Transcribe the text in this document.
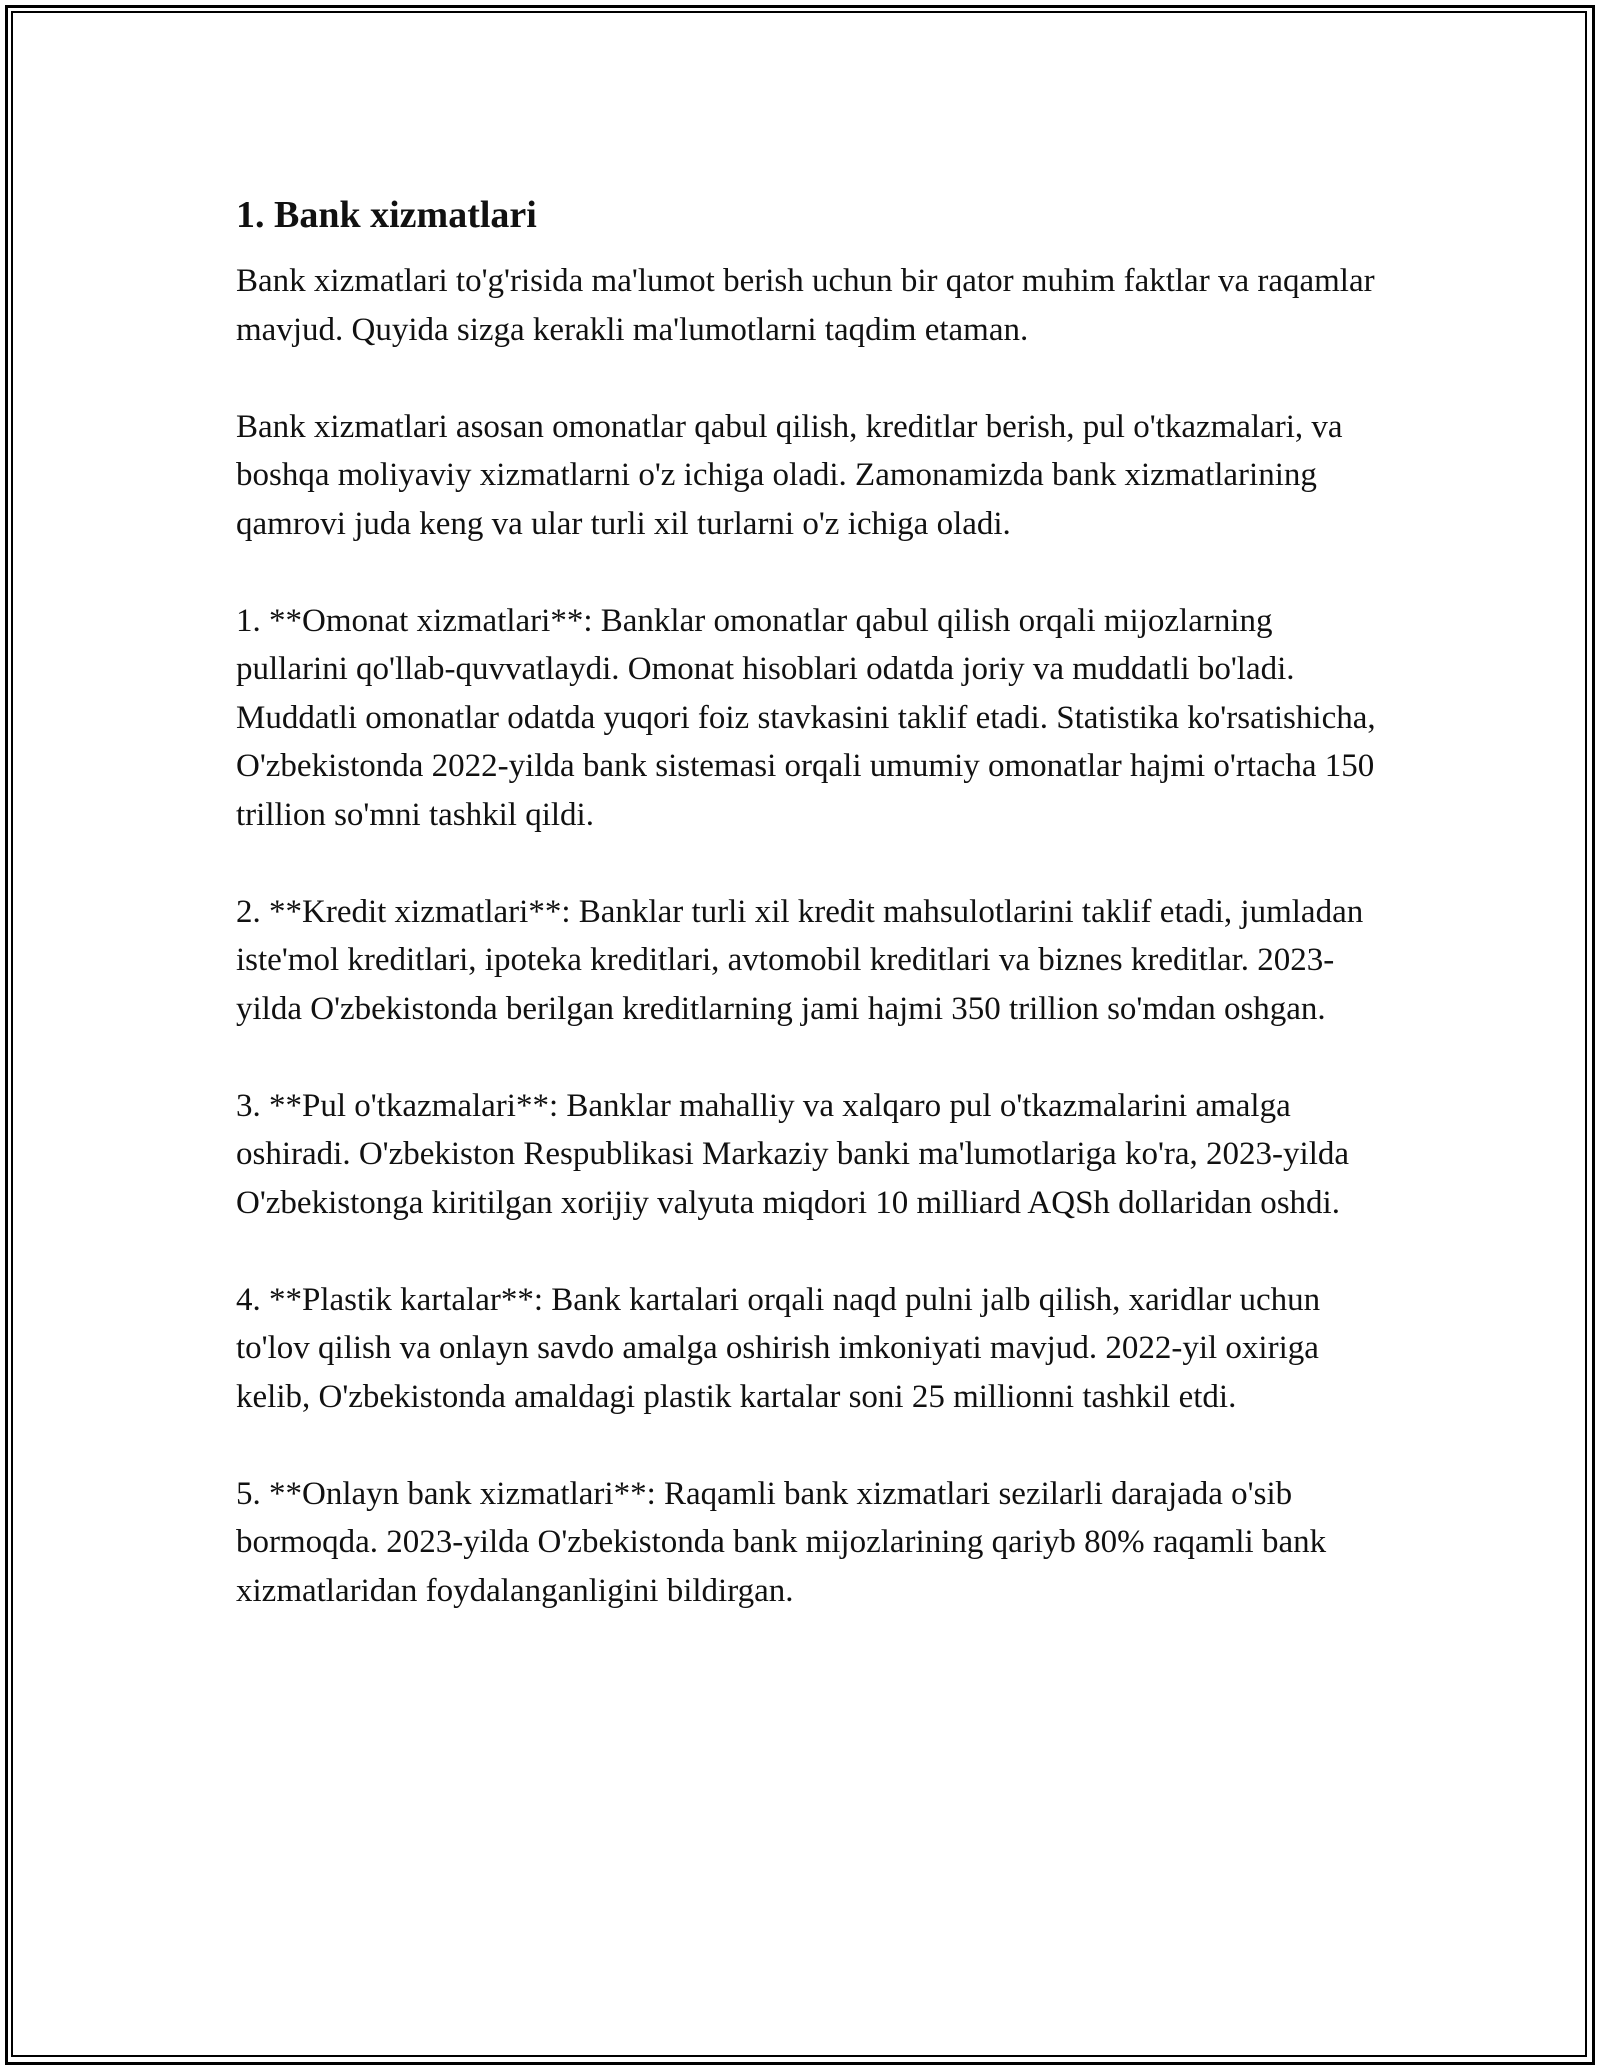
1. Bank xizmatlari

Bank xizmatlari to'g'risida ma'lumot berish uchun bir qator muhim faktlar va raqamlar mavjud. Quyida sizga kerakli ma'lumotlarni taqdim etaman.

Bank xizmatlari asosan omonatlar qabul qilish, kreditlar berish, pul o'tkazmalari, va boshqa moliyaviy xizmatlarni o'z ichiga oladi. Zamonamizda bank xizmatlarining qamrovi juda keng va ular turli xil turlarni o'z ichiga oladi.

1. **Omonat xizmatlari**: Banklar omonatlar qabul qilish orqali mijozlarning pullarini qo'llab-quvvatlaydi. Omonat hisoblari odatda joriy va muddatli bo'ladi. Muddatli omonatlar odatda yuqori foiz stavkasini taklif etadi. Statistika ko'rsatishicha, O'zbekistonda 2022-yilda bank sistemasi orqali umumiy omonatlar hajmi o'rtacha 150 trillion so'mni tashkil qildi.

2. **Kredit xizmatlari**: Banklar turli xil kredit mahsulotlarini taklif etadi, jumladan iste'mol kreditlari, ipoteka kreditlari, avtomobil kreditlari va biznes kreditlar. 2023-yilda O'zbekistonda berilgan kreditlarning jami hajmi 350 trillion so'mdan oshgan.

3. **Pul o'tkazmalari**: Banklar mahalliy va xalqaro pul o'tkazmalarini amalga oshiradi. O'zbekiston Respublikasi Markaziy banki ma'lumotlariga ko'ra, 2023-yilda O'zbekistonga kiritilgan xorijiy valyuta miqdori 10 milliard AQSh dollaridan oshdi.

4. **Plastik kartalar**: Bank kartalari orqali naqd pulni jalb qilish, xaridlar uchun to'lov qilish va onlayn savdo amalga oshirish imkoniyati mavjud. 2022-yil oxiriga kelib, O'zbekistonda amaldagi plastik kartalar soni 25 millionni tashkil etdi.

5. **Onlayn bank xizmatlari**: Raqamli bank xizmatlari sezilarli darajada o'sib bormoqda. 2023-yilda O'zbekistonda bank mijozlarining qariyb 80% raqamli bank xizmatlaridan foydalanganligini bildirgan.
